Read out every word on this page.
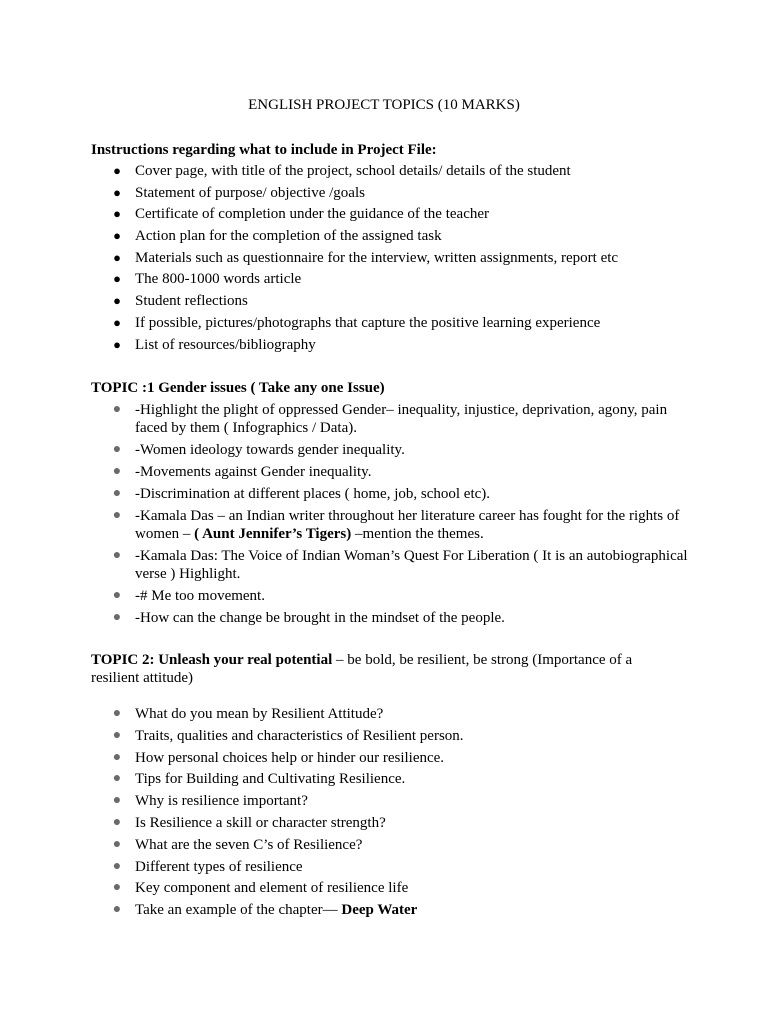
ENGLISH PROJECT TOPICS (10 MARKS)
Instructions regarding what to include in Project File:
● Cover page, with title of the project, school details/ details of the student
● Statement of purpose/ objective /goals
● Certificate of completion under the guidance of the teacher
● Action plan for the completion of the assigned task
● Materials such as questionnaire for the interview, written assignments, report etc
● The 800-1000 words article
● Student reflections
● If possible, pictures/photographs that capture the positive learning experience
● List of resources/bibliography
TOPIC :1 Gender issues ( Take any one Issue)
● -Highlight the plight of oppressed Gender– inequality, injustice, deprivation, agony, pain faced by them ( Infographics / Data).
● -Women ideology towards gender inequality.
● -Movements against Gender inequality.
● -Discrimination at different places ( home, job, school etc).
● -Kamala Das – an Indian writer throughout her literature career has fought for the rights of women – ( Aunt Jennifer’s Tigers) –mention the themes.
● -Kamala Das: The Voice of Indian Woman’s Quest For Liberation ( It is an autobiographical verse ) Highlight.
● -# Me too movement.
● -How can the change be brought in the mindset of the people.
TOPIC 2: Unleash your real potential – be bold, be resilient, be strong (Importance of a resilient attitude)
● What do you mean by Resilient Attitude?
● Traits, qualities and characteristics of Resilient person.
● How personal choices help or hinder our resilience.
● Tips for Building and Cultivating Resilience.
● Why is resilience important?
● Is Resilience a skill or character strength?
● What are the seven C’s of Resilience?
● Different types of resilience
● Key component and element of resilience life
● Take an example of the chapter— Deep Water
